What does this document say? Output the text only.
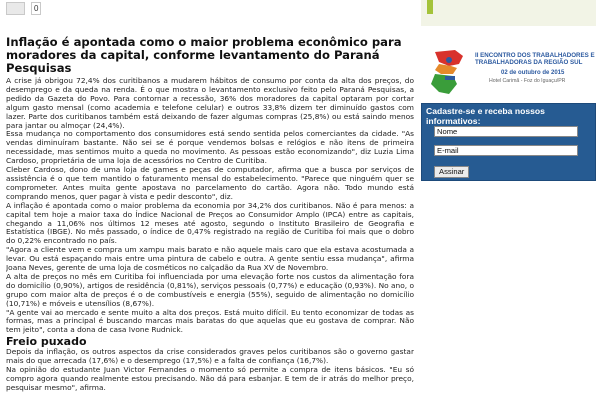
0
Inflação é apontada como o maior problema econômico para moradores da capital, conforme levantamento do Paraná Pesquisas

A crise já obrigou 72,4% dos curitibanos a mudarem hábitos de consumo por conta da alta dos preços, do desemprego e da queda na renda. É o que mostra o levantamento exclusivo feito pelo Paraná Pesquisas, a pedido da Gazeta do Povo. Para contornar a recessão, 36% dos moradores da capital optaram por cortar algum gasto mensal (como academia e telefone celular) e outros 33,8% dizem ter diminuído gastos com lazer. Parte dos curitibanos também está deixando de fazer algumas compras (25,8%) ou está saindo menos para jantar ou almoçar (24,4%).

Essa mudança no comportamento dos consumidores está sendo sentida pelos comerciantes da cidade. "As vendas diminuíram bastante. Não sei se é porque vendemos bolsas e relógios e não itens de primeira necessidade, mas sentimos muito a queda no movimento. As pessoas estão economizando", diz Luzia Lima Cardoso, proprietária de uma loja de acessórios no Centro de Curitiba.

Cleber Cardoso, dono de uma loja de games e peças de computador, afirma que a busca por serviços de assistência é o que tem mantido o faturamento mensal do estabelecimento. "Parece que ninguém quer se comprometer. Antes muita gente apostava no parcelamento do cartão. Agora não. Todo mundo está comprando menos, quer pagar à vista e pedir desconto", diz.

A inflação é apontada como o maior problema da economia por 34,2% dos curitibanos. Não é para menos: a capital tem hoje a maior taxa do Índice Nacional de Preços ao Consumidor Amplo (IPCA) entre as capitais, chegando a 11,06% nos últimos 12 meses até agosto, segundo o Instituto Brasileiro de Geografia e Estatística (IBGE). No mês passado, o índice de 0,47% registrado na região de Curitiba foi mais que o dobro do 0,22% encontrado no país.

"Agora a cliente vem e compra um xampu mais barato e não aquele mais caro que ela estava acostumada a levar. Ou está espaçando mais entre uma pintura de cabelo e outra. A gente sentiu essa mudança", afirma Joana Neves, gerente de uma loja de cosméticos no calçadão da Rua XV de Novembro.

A alta de preços no mês em Curitiba foi influenciada por uma elevação forte nos custos da alimentação fora do domicílio (0,90%), artigos de residência (0,81%), serviços pessoais (0,77%) e educação (0,93%). No ano, o grupo com maior alta de preços é o de combustíveis e energia (55%), seguido de alimentação no domicílio (10,71%) e móveis e utensílios (8,67%).

"A gente vai ao mercado e sente muito a alta dos preços. Está muito difícil. Eu tento economizar de todas as formas, mas a principal é buscando marcas mais baratas do que aquelas que eu gostava de comprar. Não tem jeito", conta a dona de casa Ivone Rudnick.

Freio puxado

Depois da inflação, os outros aspectos da crise considerados graves pelos curitibanos são o governo gastar mais do que arrecada (17,6%) e o desemprego (17,5%) e a falta de confiança (16,7%).

Na opinião do estudante Juan Victor Fernandes o momento só permite a compra de itens básicos. "Eu só compro agora quando realmente estou precisando. Não dá para esbanjar. E tem de ir atrás do melhor preço, pesquisar mesmo", afirma.

II ENCONTRO DOS TRABALHADORES E TRABALHADORAS DA REGIÃO SUL
02 de outubro de 2015
Hotel Carimã - Foz do Iguaçu/PR
Cadastre-se e receba nossos informativos:
Nome
E-mail
Assinar
